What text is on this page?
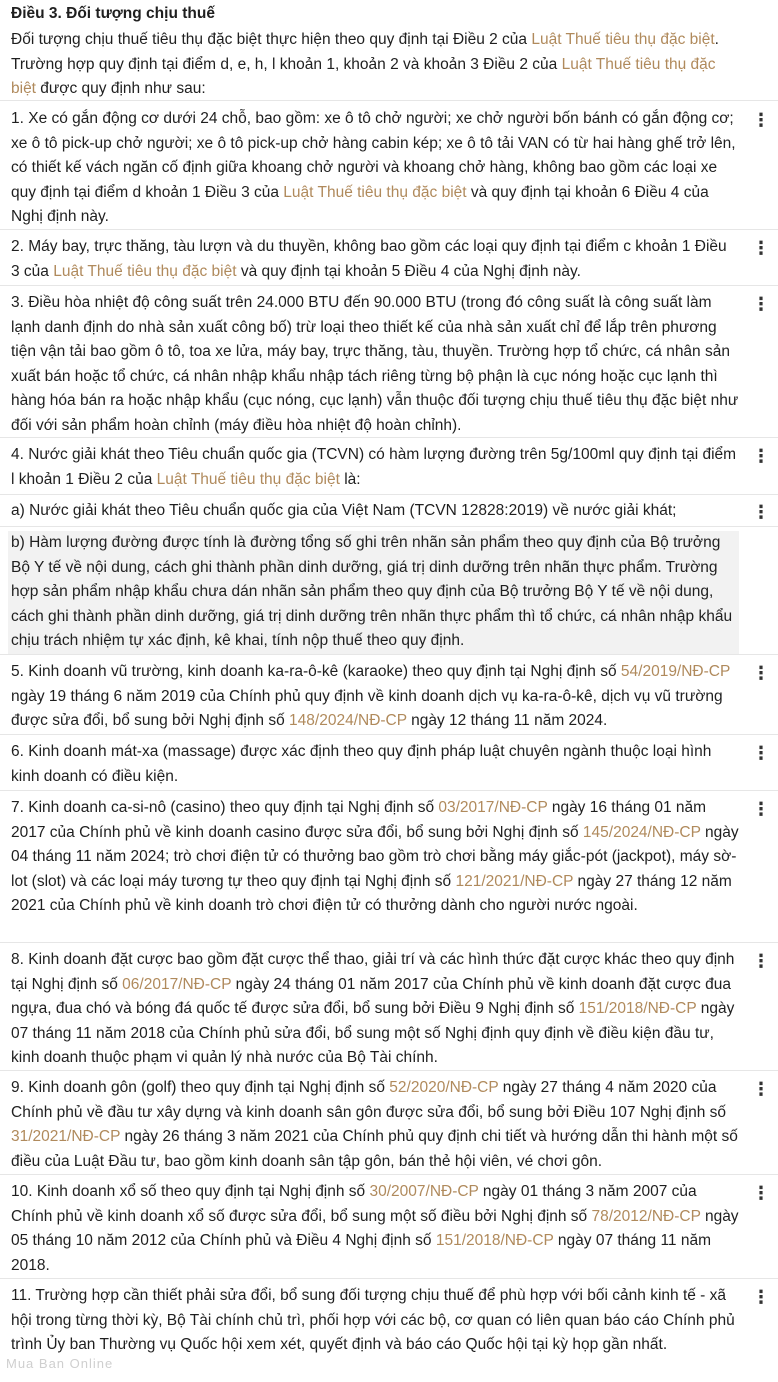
Điều 3. Đối tượng chịu thuế

Đối tượng chịu thuế tiêu thụ đặc biệt thực hiện theo quy định tại Điều 2 của Luật Thuế tiêu thụ đặc biệt. Trường hợp quy định tại điểm d, e, h, l khoản 1, khoản 2 và khoản 3 Điều 2 của Luật Thuế tiêu thụ đặc biệt được quy định như sau:

1. Xe có gắn động cơ dưới 24 chỗ, bao gồm: xe ô tô chở người; xe chở người bốn bánh có gắn động cơ; xe ô tô pick-up chở người; xe ô tô pick-up chở hàng cabin kép; xe ô tô tải VAN có từ hai hàng ghế trở lên, có thiết kế vách ngăn cố định giữa khoang chở người và khoang chở hàng, không bao gồm các loại xe quy định tại điểm d khoản 1 Điều 3 của Luật Thuế tiêu thụ đặc biệt và quy định tại khoản 6 Điều 4 của Nghị định này.

⋮

2. Máy bay, trực thăng, tàu lượn và du thuyền, không bao gồm các loại quy định tại điểm c khoản 1 Điều 3 của Luật Thuế tiêu thụ đặc biệt và quy định tại khoản 5 Điều 4 của Nghị định này.

⋮

3. Điều hòa nhiệt độ công suất trên 24.000 BTU đến 90.000 BTU (trong đó công suất là công suất làm lạnh danh định do nhà sản xuất công bố) trừ loại theo thiết kế của nhà sản xuất chỉ để lắp trên phương tiện vận tải bao gồm ô tô, toa xe lửa, máy bay, trực thăng, tàu, thuyền. Trường hợp tổ chức, cá nhân sản xuất bán hoặc tổ chức, cá nhân nhập khẩu nhập tách riêng từng bộ phận là cục nóng hoặc cục lạnh thì hàng hóa bán ra hoặc nhập khẩu (cục nóng, cục lạnh) vẫn thuộc đối tượng chịu thuế tiêu thụ đặc biệt như đối với sản phẩm hoàn chỉnh (máy điều hòa nhiệt độ hoàn chỉnh).

⋮

4. Nước giải khát theo Tiêu chuẩn quốc gia (TCVN) có hàm lượng đường trên 5g/100ml quy định tại điểm l khoản 1 Điều 2 của Luật Thuế tiêu thụ đặc biệt là:

⋮

a) Nước giải khát theo Tiêu chuẩn quốc gia của Việt Nam (TCVN 12828:2019) về nước giải khát;	⋮

b) Hàm lượng đường được tính là đường tổng số ghi trên nhãn sản phẩm theo quy định của Bộ trưởng Bộ Y tế về nội dung, cách ghi thành phần dinh dưỡng, giá trị dinh dưỡng trên nhãn thực phẩm. Trường hợp sản phẩm nhập khẩu chưa dán nhãn sản phẩm theo quy định của Bộ trưởng Bộ Y tế về nội dung, cách ghi thành phần dinh dưỡng, giá trị dinh dưỡng trên nhãn thực phẩm thì tổ chức, cá nhân nhập khẩu chịu trách nhiệm tự xác định, kê khai, tính nộp thuế theo quy định.

5. Kinh doanh vũ trường, kinh doanh ka-ra-ô-kê (karaoke) theo quy định tại Nghị định số 54/2019/NĐ-CP ngày 19 tháng 6 năm 2019 của Chính phủ quy định về kinh doanh dịch vụ ka-ra-ô-kê, dịch vụ vũ trường được sửa đổi, bổ sung bởi Nghị định số 148/2024/NĐ-CP ngày 12 tháng 11 năm 2024.

⋮

6. Kinh doanh mát-xa (massage) được xác định theo quy định pháp luật chuyên ngành thuộc loại hình kinh doanh có điều kiện.

⋮

7. Kinh doanh ca-si-nô (casino) theo quy định tại Nghị định số 03/2017/NĐ-CP ngày 16 tháng 01 năm 2017 của Chính phủ về kinh doanh casino được sửa đổi, bổ sung bởi Nghị định số 145/2024/NĐ-CP ngày 04 tháng 11 năm 2024; trò chơi điện tử có thưởng bao gồm trò chơi bằng máy giắc-pót (jackpot), máy sờ-lot (slot) và các loại máy tương tự theo quy định tại Nghị định số 121/2021/NĐ-CP ngày 27 tháng 12 năm 2021 của Chính phủ về kinh doanh trò chơi điện tử có thưởng dành cho người nước ngoài.

⋮

8. Kinh doanh đặt cược bao gồm đặt cược thể thao, giải trí và các hình thức đặt cược khác theo quy định tại Nghị định số 06/2017/NĐ-CP ngày 24 tháng 01 năm 2017 của Chính phủ về kinh doanh đặt cược đua ngựa, đua chó và bóng đá quốc tế được sửa đổi, bổ sung bởi Điều 9 Nghị định số 151/2018/NĐ-CP ngày 07 tháng 11 năm 2018 của Chính phủ sửa đổi, bổ sung một số Nghị định quy định về điều kiện đầu tư, kinh doanh thuộc phạm vi quản lý nhà nước của Bộ Tài chính.

⋮

9. Kinh doanh gôn (golf) theo quy định tại Nghị định số 52/2020/NĐ-CP ngày 27 tháng 4 năm 2020 của Chính phủ về đầu tư xây dựng và kinh doanh sân gôn được sửa đổi, bổ sung bởi Điều 107 Nghị định số 31/2021/NĐ-CP ngày 26 tháng 3 năm 2021 của Chính phủ quy định chi tiết và hướng dẫn thi hành một số điều của Luật Đầu tư, bao gồm kinh doanh sân tập gôn, bán thẻ hội viên, vé chơi gôn.

⋮

10. Kinh doanh xổ số theo quy định tại Nghị định số 30/2007/NĐ-CP ngày 01 tháng 3 năm 2007 của Chính phủ về kinh doanh xổ số được sửa đổi, bổ sung một số điều bởi Nghị định số 78/2012/NĐ-CP ngày 05 tháng 10 năm 2012 của Chính phủ và Điều 4 Nghị định số 151/2018/NĐ-CP ngày 07 tháng 11 năm 2018.

⋮

11. Trường hợp cần thiết phải sửa đổi, bổ sung đối tượng chịu thuế để phù hợp với bối cảnh kinh tế - xã hội trong từng thời kỳ, Bộ Tài chính chủ trì, phối hợp với các bộ, cơ quan có liên quan báo cáo Chính phủ trình Ủy ban Thường vụ Quốc hội xem xét, quyết định và báo cáo Quốc hội tại kỳ họp gần nhất.

⋮
Mua Ban Online
